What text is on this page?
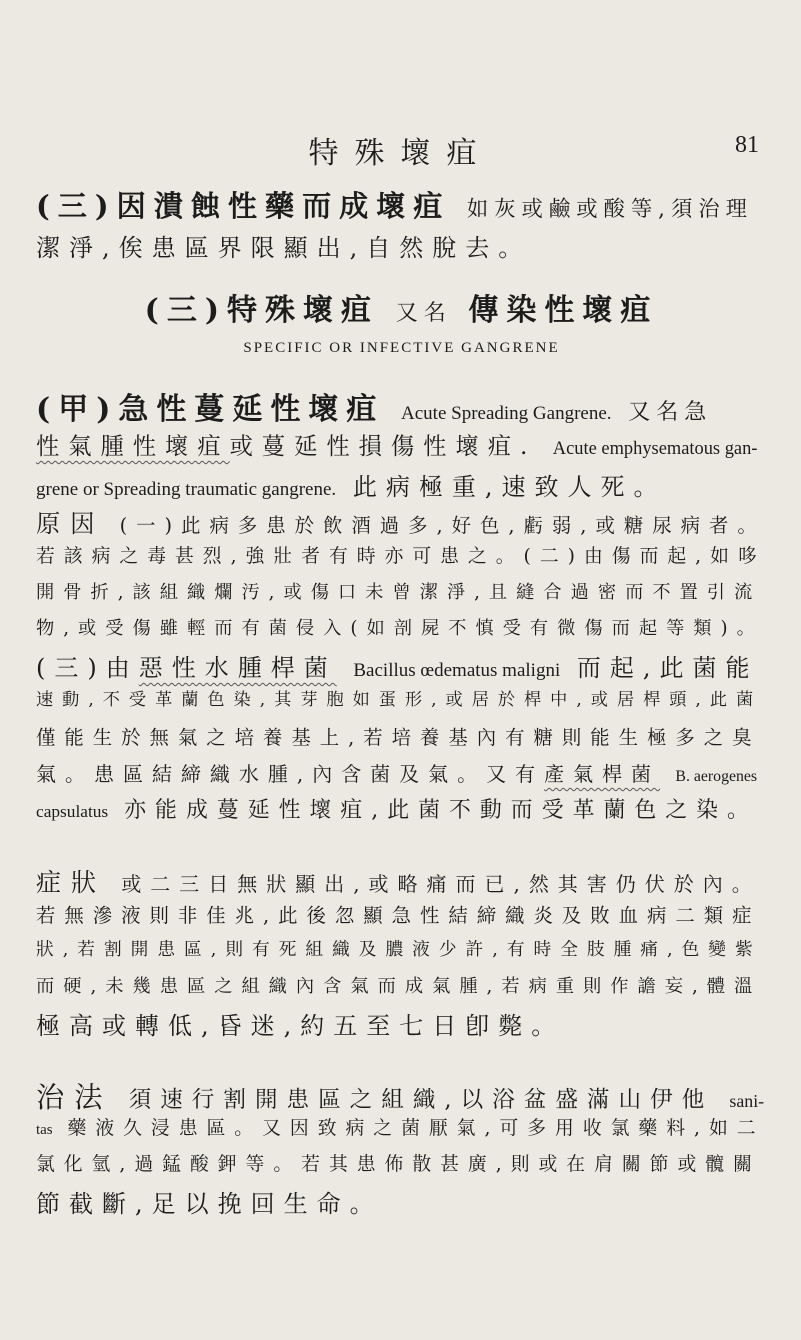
特殊壞疽	81
(三)因潰蝕性藥而成壞疽 如灰或鹼或酸等,須治理
潔淨,俟患區界限顯出,自然脫去。
(三)特殊壞疽 又名 傳染性壞疽
SPECIFIC OR INFECTIVE GANGRENE
(甲)急性蔓延性壞疽 Acute Spreading Gangrene. 又名急
性氣腫性壞疽或蔓延性損傷性壞疽. Acute emphysematous gan-
grene or Spreading traumatic gangrene. 此病極重,速致人死。
原因 (一)此病多患於飲酒過多,好色,虧弱,或糖尿病者。
若該病之毒甚烈,強壯者有時亦可患之。(二)由傷而起,如哆
開骨折,該組織爛汚,或傷口未曾潔淨,且縫合過密而不置引流
物,或受傷雖輕而有菌侵入(如剖屍不慎受有微傷而起等類)。
(三)由惡性水腫桿菌 Bacillus œdematus maligni 而起,此菌能
速動,不受革蘭色染,其芽胞如蛋形,或居於桿中,或居桿頭,此菌
僅能生於無氣之培養基上,若培養基內有糖則能生極多之臭
氣。患區結締織水腫,內含菌及氣。又有產氣桿菌 B. aerogenes
capsulatus 亦能成蔓延性壞疽,此菌不動而受革蘭色之染。
症狀 或二三日無狀顯出,或略痛而已,然其害仍伏於內。
若無滲液則非佳兆,此後忽顯急性結締織炎及敗血病二類症
狀,若割開患區,則有死組織及膿液少許,有時全肢腫痛,色變紫
而硬,未幾患區之組織內含氣而成氣腫,若病重則作譫妄,體溫
極高或轉低,昏迷,約五至七日卽斃。
治法 須速行割開患區之組織,以浴盆盛滿山伊他 sani-
tas 藥液久浸患區。又因致病之菌厭氣,可多用收氯藥料,如二
氯化氫,過錳酸鉀等。若其患佈散甚廣,則或在肩關節或髖關
節截斷,足以挽回生命。
